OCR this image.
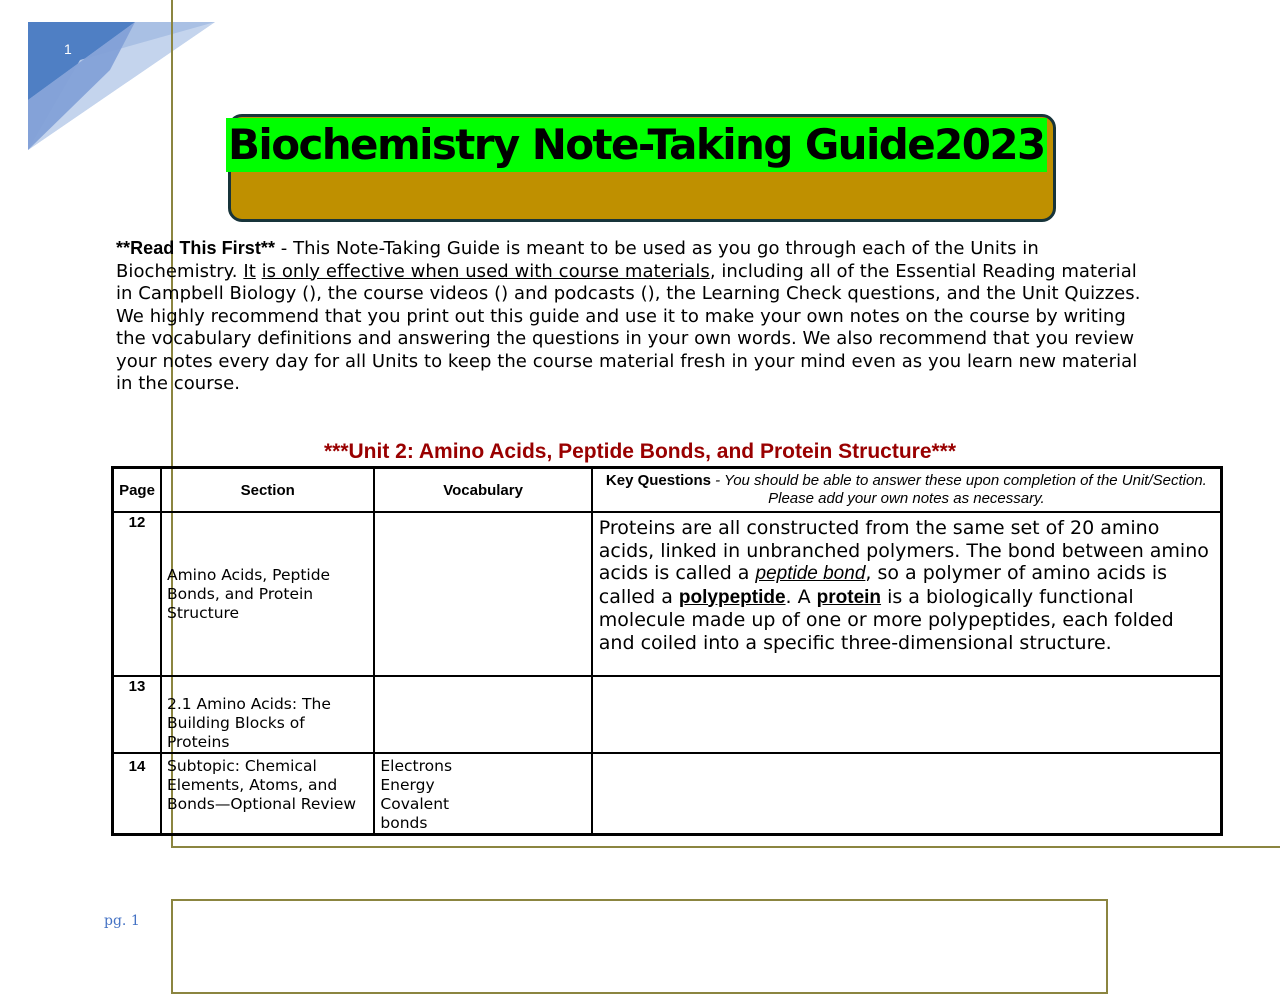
1
Biochemistry Note-Taking Guide2023
**Read This First** - This Note-Taking Guide is meant to be used as you go through each of the Units in Biochemistry. It is only effective when used with course materials, including all of the Essential Reading material in Campbell Biology (), the course videos () and podcasts (), the Learning Check questions, and the Unit Quizzes. We highly recommend that you print out this guide and use it to make your own notes on the course by writing the vocabulary definitions and answering the questions in your own words. We also recommend that you review your notes every day for all Units to keep the course material fresh in your mind even as you learn new material in the course.
***Unit 2: Amino Acids, Peptide Bonds, and Protein Structure***
Page	Section	Vocabulary	Key Questions - You should be able to answer these upon completion of the Unit/Section. Please add your own notes as necessary.
12	Amino Acids, Peptide Bonds, and Protein Structure		Proteins are all constructed from the same set of 20 amino acids, linked in unbranched polymers. The bond between amino acids is called a peptide bond, so a polymer of amino acids is called a polypeptide. A protein is a biologically functional molecule made up of one or more polypeptides, each folded and coiled into a specific three-dimensional structure.
13	2.1 Amino Acids: The Building Blocks of Proteins		
14	Subtopic: Chemical Elements, Atoms, and Bonds—Optional Review	Electrons
Energy
Covalent
bonds	

pg. 1
